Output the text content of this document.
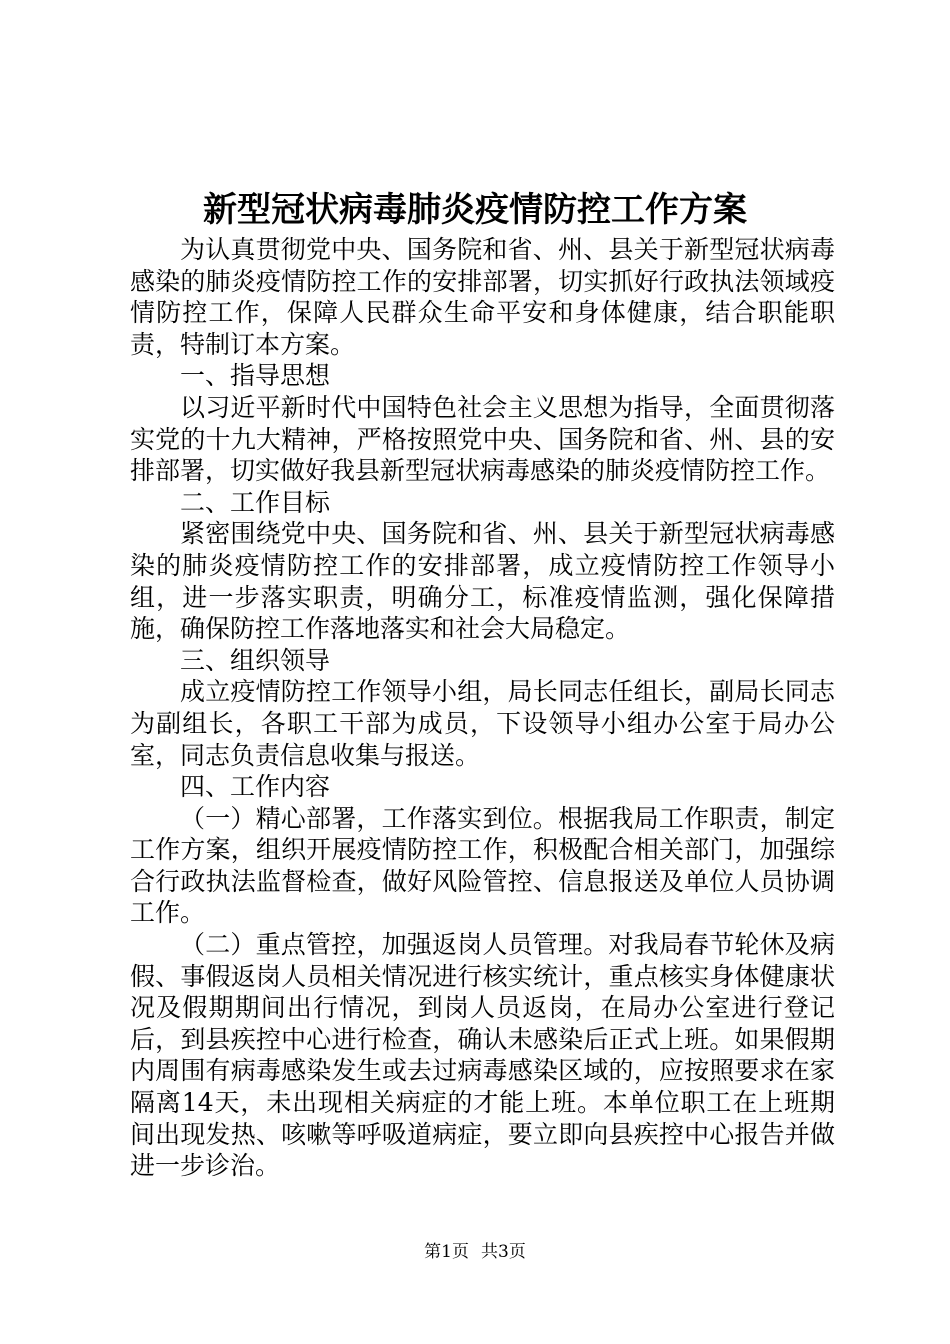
新型冠状病毒肺炎疫情防控工作方案

为认真贯彻党中央、国务院和省、州、县关于新型冠状病毒感染的肺炎疫情防控工作的安排部署，切实抓好行政执法领域疫情防控工作，保障人民群众生命平安和身体健康，结合职能职责，特制订本方案。

一、指导思想

以习近平新时代中国特色社会主义思想为指导，全面贯彻落实党的十九大精神，严格按照党中央、国务院和省、州、县的安排部署，切实做好我县新型冠状病毒感染的肺炎疫情防控工作。

二、工作目标

紧密围绕党中央、国务院和省、州、县关于新型冠状病毒感染的肺炎疫情防控工作的安排部署，成立疫情防控工作领导小组，进一步落实职责，明确分工，标准疫情监测，强化保障措施，确保防控工作落地落实和社会大局稳定。

三、组织领导

成立疫情防控工作领导小组，局长同志任组长，副局长同志为副组长，各职工干部为成员，下设领导小组办公室于局办公室，同志负责信息收集与报送。

四、工作内容

（一）精心部署，工作落实到位。根据我局工作职责，制定工作方案，组织开展疫情防控工作，积极配合相关部门，加强综合行政执法监督检查，做好风险管控、信息报送及单位人员协调工作。

（二）重点管控，加强返岗人员管理。对我局春节轮休及病假、事假返岗人员相关情况进行核实统计，重点核实身体健康状况及假期期间出行情况，到岗人员返岗，在局办公室进行登记后，到县疾控中心进行检查，确认未感染后正式上班。如果假期内周围有病毒感染发生或去过病毒感染区域的，应按照要求在家隔离14天，未出现相关病症的才能上班。本单位职工在上班期间出现发热、咳嗽等呼吸道病症，要立即向县疾控中心报告并做进一步诊治。

第1页 共3页
